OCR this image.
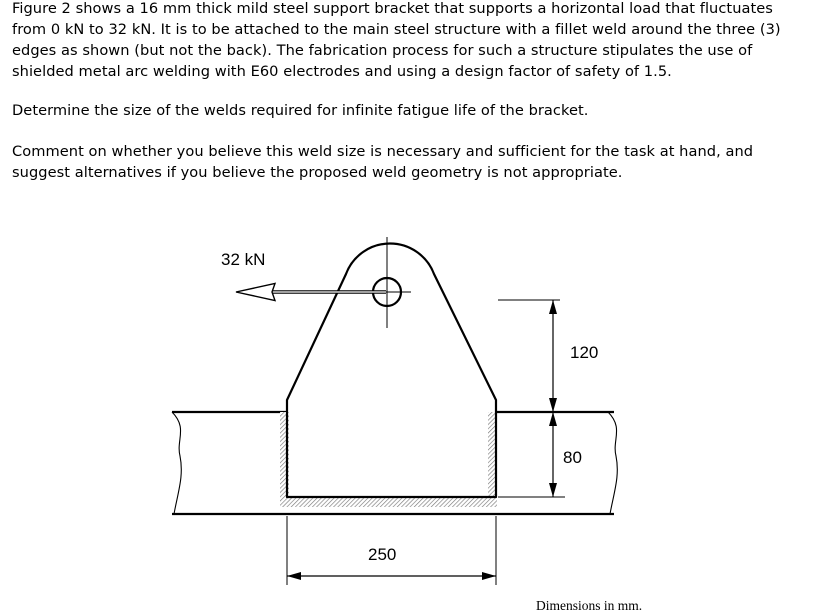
Figure 2 shows a 16 mm thick mild steel support bracket that supports a horizontal load that fluctuates
from 0 kN to 32 kN. It is to be attached to the main steel structure with a fillet weld around the three (3)
edges as shown (but not the back). The fabrication process for such a structure stipulates the use of
shielded metal arc welding with E60 electrodes and using a design factor of safety of 1.5.
Determine the size of the welds required for infinite fatigue life of the bracket.
Comment on whether you believe this weld size is necessary and sufficient for the task at hand, and
suggest alternatives if you believe the proposed weld geometry is not appropriate.
32 kN
120
80
250
Dimensions in mm.
